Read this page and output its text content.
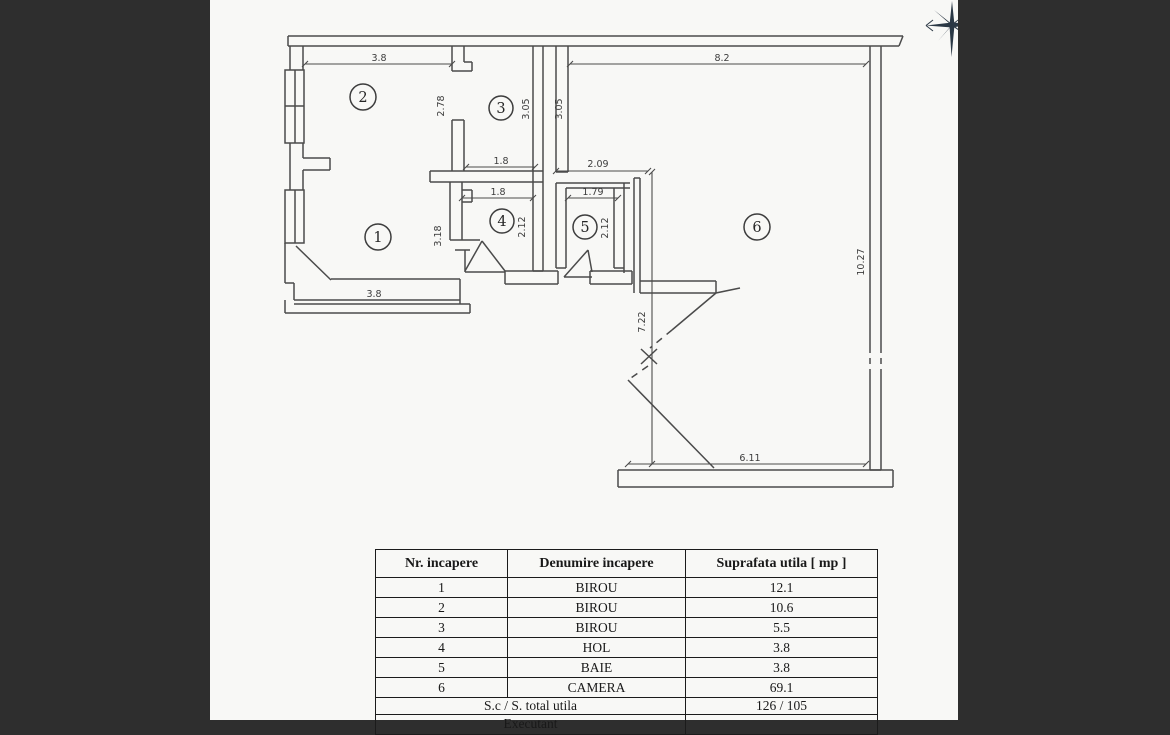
3.8	8.2
2.78	3.05 3.05
1.8	2.09
1.8	1.79
3.18	2.12	2.12
3.8
7.22
10.27
6.11
1
2
3
4	5	6
Nr. incapere	Denumire incapere	Suprafata utila [ mp ]
1	BIROU	12.1
2	BIROU	10.6
3	BIROU	5.5
4	HOL	3.8
5	BAIE	3.8
6	CAMERA	69.1
S.c / S. total utila		126 / 105
Executant		
